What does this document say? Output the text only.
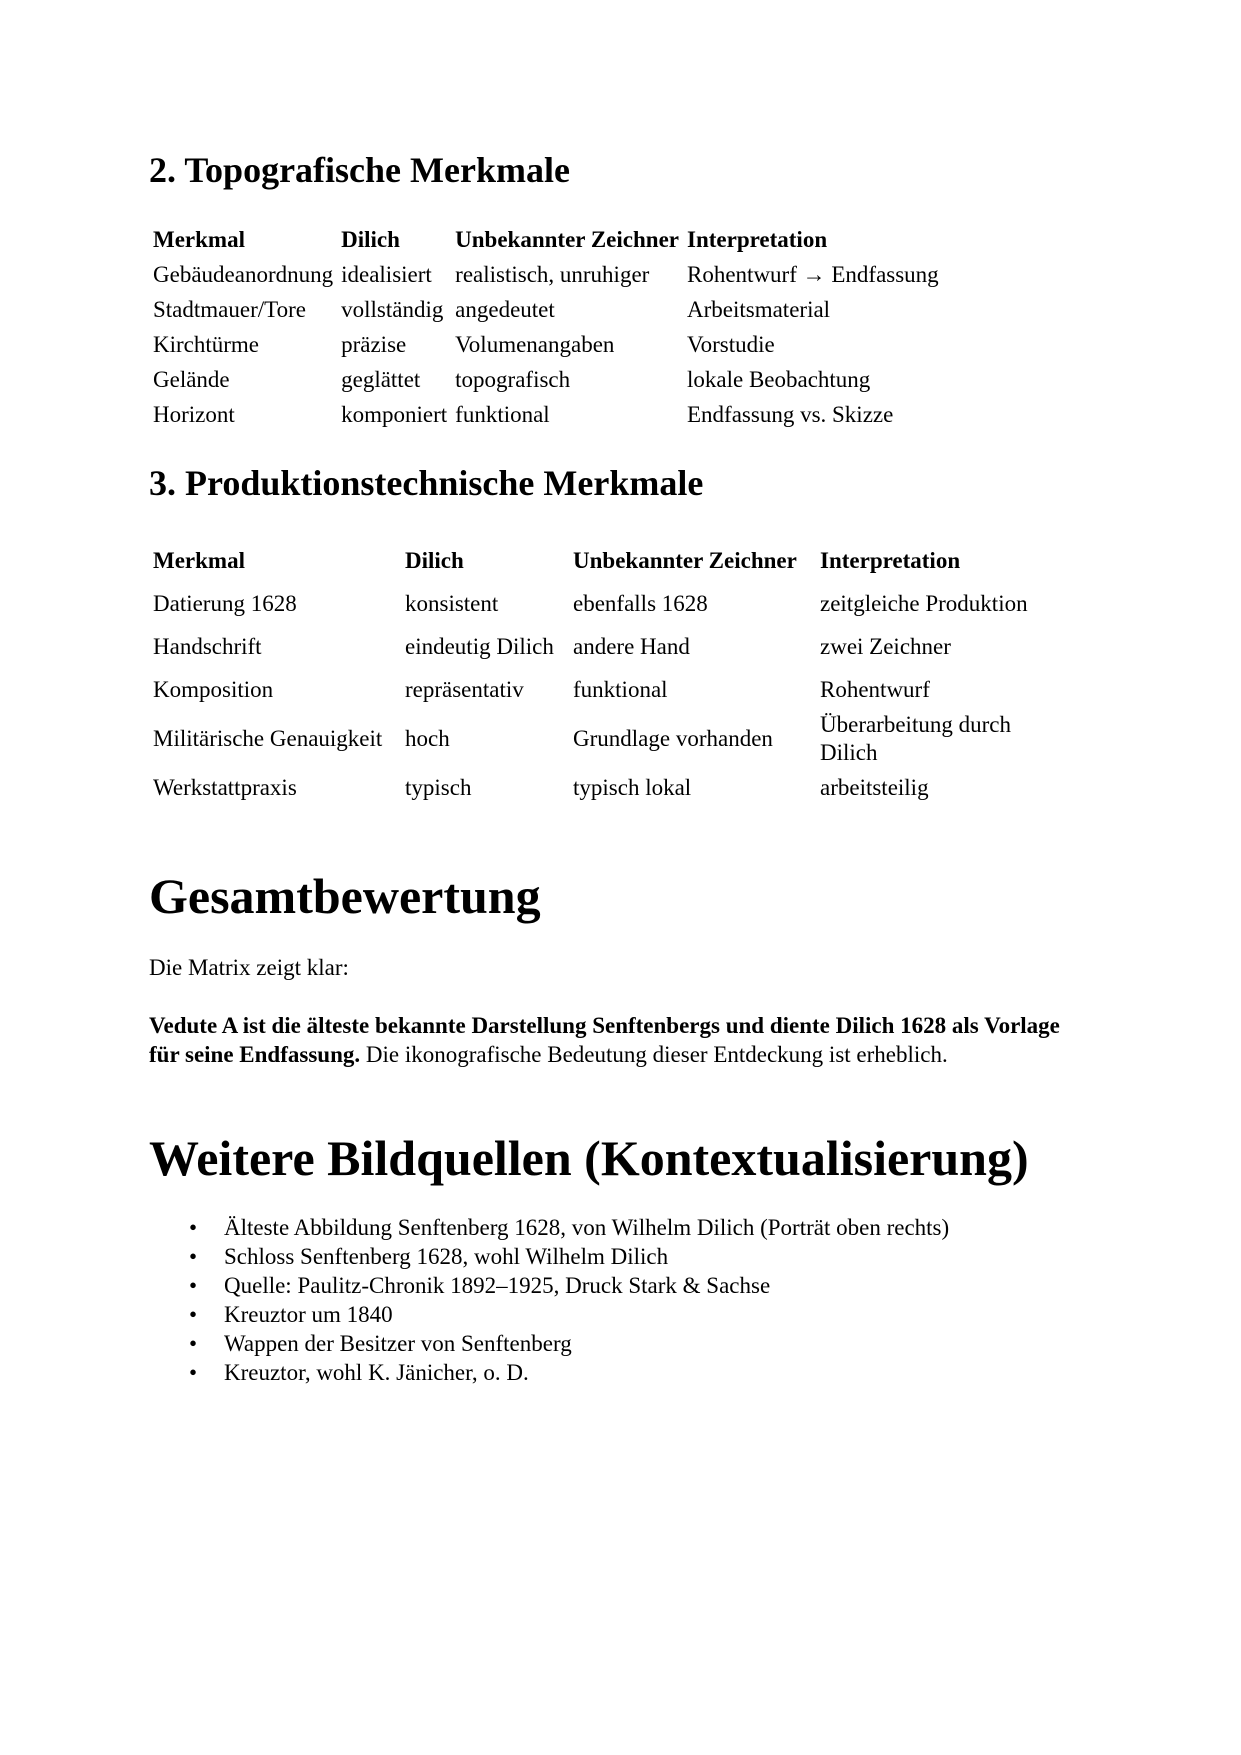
2. Topografische Merkmale
Merkmal	Dilich	Unbekannter Zeichner	Interpretation
Gebäudeanordnung	idealisiert	realistisch, unruhiger	Rohentwurf → Endfassung
Stadtmauer/Tore	vollständig	angedeutet	Arbeitsmaterial
Kirchtürme	präzise	Volumenangaben	Vorstudie
Gelände	geglättet	topografisch	lokale Beobachtung
Horizont	komponiert	funktional	Endfassung vs. Skizze
3. Produktionstechnische Merkmale
Merkmal	Dilich	Unbekannter Zeichner	Interpretation
Datierung 1628	konsistent	ebenfalls 1628	zeitgleiche Produktion
Handschrift	eindeutig Dilich	andere Hand	zwei Zeichner
Komposition	repräsentativ	funktional	Rohentwurf
Militärische Genauigkeit	hoch	Grundlage vorhanden	Überarbeitung durch Dilich
Werkstattpraxis	typisch	typisch lokal	arbeitsteilig
Gesamtbewertung

Die Matrix zeigt klar:

Vedute A ist die älteste bekannte Darstellung Senftenbergs und diente Dilich 1628 als Vorlage für seine Endfassung. Die ikonografische Bedeutung dieser Entdeckung ist erheblich.

Weitere Bildquellen (Kontextualisierung)
• Älteste Abbildung Senftenberg 1628, von Wilhelm Dilich (Porträt oben rechts)
• Schloss Senftenberg 1628, wohl Wilhelm Dilich
• Quelle: Paulitz-Chronik 1892–1925, Druck Stark & Sachse
• Kreuztor um 1840
• Wappen der Besitzer von Senftenberg
• Kreuztor, wohl K. Jänicher, o. D.
